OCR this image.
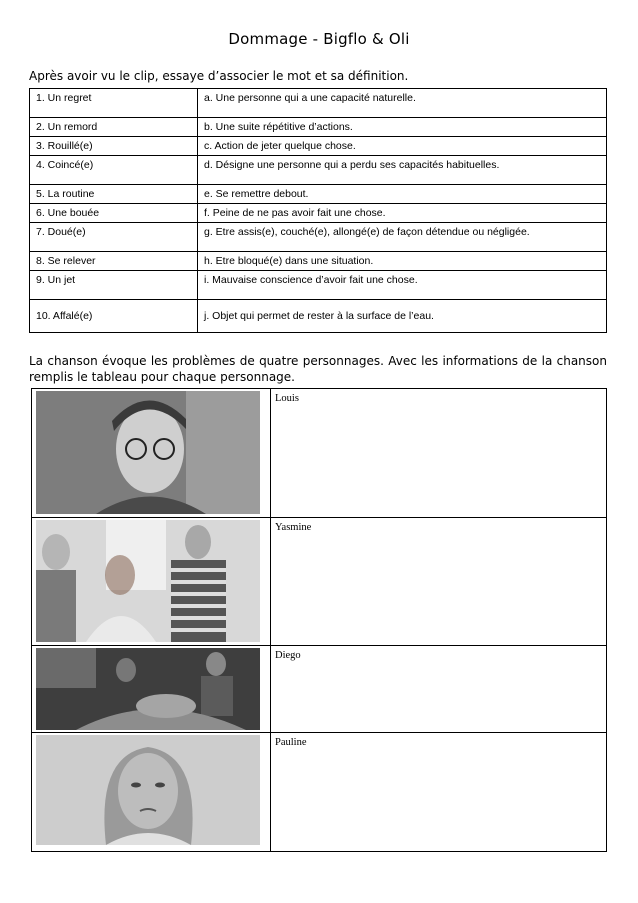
Dommage - Bigflo & Oli
Après avoir vu le clip, essaye d’associer le mot et sa définition.
1. Un regret	a. Une personne qui a une capacité naturelle.
2. Un remord	b. Une suite répétitive d’actions.
3. Rouillé(e)	c. Action de jeter quelque chose.
4. Coincé(e)	d. Désigne une personne qui a perdu ses capacités habituelles.
5. La routine	e. Se remettre debout.
6. Une bouée	f. Peine de ne pas avoir fait une chose.
7. Doué(e)	g. Etre assis(e), couché(e), allongé(e) de façon détendue ou négligée.
8. Se relever	h. Etre bloqué(e) dans une situation.
9. Un jet	i. Mauvaise conscience d’avoir fait une chose.
10. Affalé(e)	j. Objet qui permet de rester à la surface de l’eau.
La chanson évoque les problèmes de quatre personnages. Avec les informations de la chanson remplis le tableau pour chaque personnage.
	Louis

	Yasmine

	Diego

	Pauline
